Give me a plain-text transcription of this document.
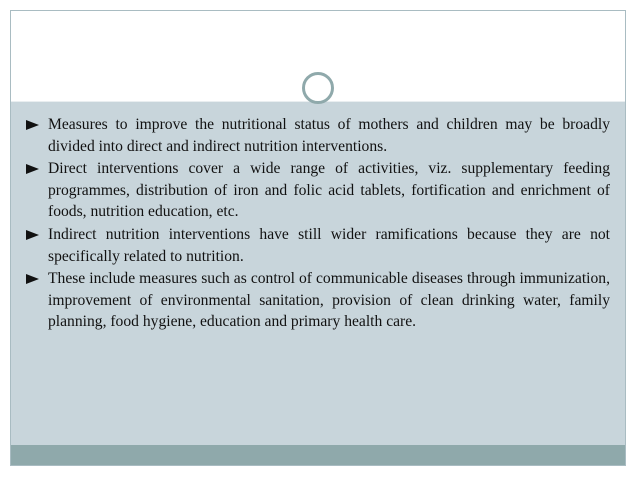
Measures to improve the nutritional status of mothers and children may be broadly divided into direct and indirect nutrition interventions.
Direct interventions cover a wide range of activities, viz. supplementary feeding programmes, distribution of iron and folic acid tablets, fortification and enrichment of foods, nutrition education, etc.
Indirect nutrition interventions have still wider ramifications because they are not specifically related to nutrition.
These include measures such as control of communicable diseases through immunization, improvement of environmental sanitation, provision of clean drinking water, family planning, food hygiene, education and primary health care.
